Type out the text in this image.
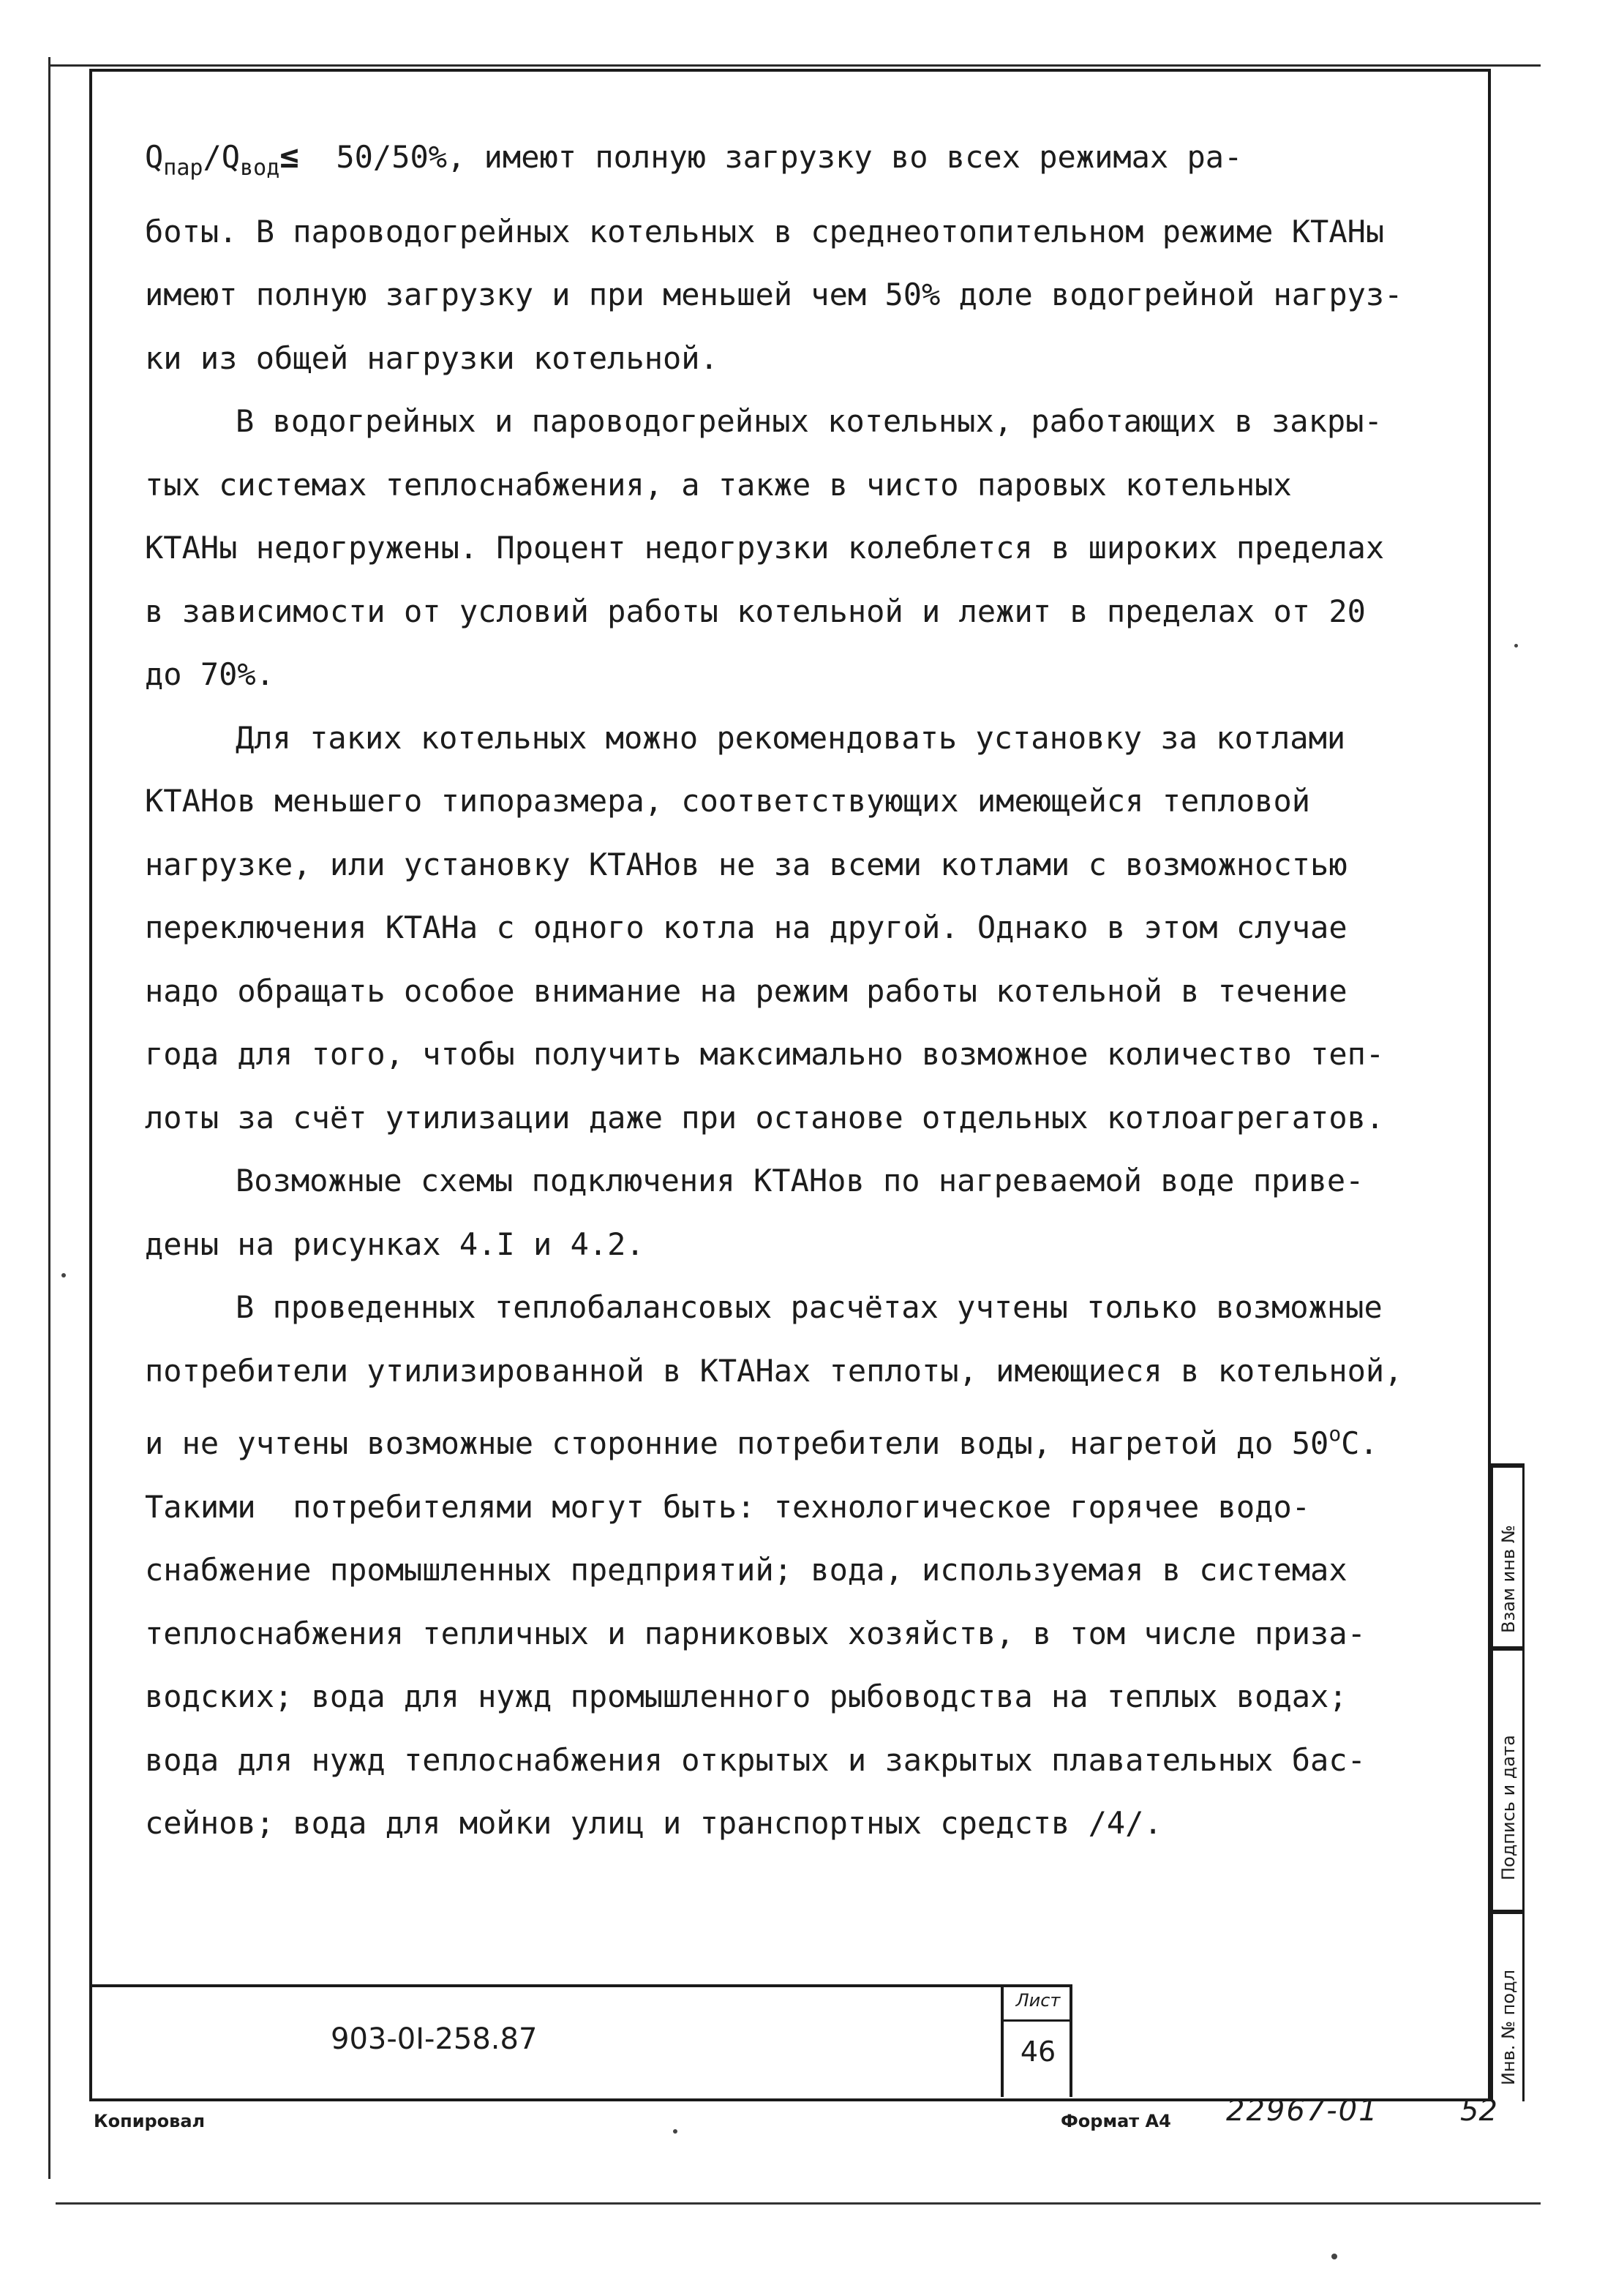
$Q_{пар}/Q_{вод}\le 50/50\%$, имеют полную загрузку во всех режимах ра-
боты. В пароводогрейных котельных в среднеотопительном режиме КТАНы
имеют полную загрузку и при меньшей чем 50% доле водогрейной нагруз-
ки из общей нагрузки котельной.
В водогрейных и пароводогрейных котельных, работающих в закры-
тых системах теплоснабжения, а также в чисто паровых котельных
КТАНы недогружены. Процент недогрузки колеблется в широких пределах
в зависимости от условий работы котельной и лежит в пределах от 20
до 70%.
Для таких котельных можно рекомендовать установку за котлами
КТАНов меньшего типоразмера, соответствующих имеющейся тепловой
нагрузке, или установку КТАНов не за всеми котлами с возможностью
переключения КТАНа с одного котла на другой. Однако в этом случае
надо обращать особое внимание на режим работы котельной в течение
года для того, чтобы получить максимально возможное количество теп-
лоты за счёт утилизации даже при останове отдельных котлоагрегатов.
Возможные схемы подключения КТАНов по нагреваемой воде приве-
дены на рисунках 4.I и 4.2.
В проведенных теплобалансовых расчётах учтены только возможные
потребители утилизированной в КТАНах теплоты, имеющиеся в котельной,
и не учтены возможные сторонние потребители воды, нагретой до $50^оС$.
Такими  потребителями могут быть: технологическое горячее водо-
снабжение промышленных предприятий; вода, используемая в системах
теплоснабжения тепличных и парниковых хозяйств, в том числе приза-
водских; вода для нужд промышленного рыбоводства на теплых водах;
вода для нужд теплоснабжения открытых и закрытых плавательных бас-
сейнов; вода для мойки улиц и транспортных средств /4/.

903-0I-258.87

Лист

46	Инв. № подл

Подпись и дата

Взам инв №

Копировал	Формат А4 22967-01	52
